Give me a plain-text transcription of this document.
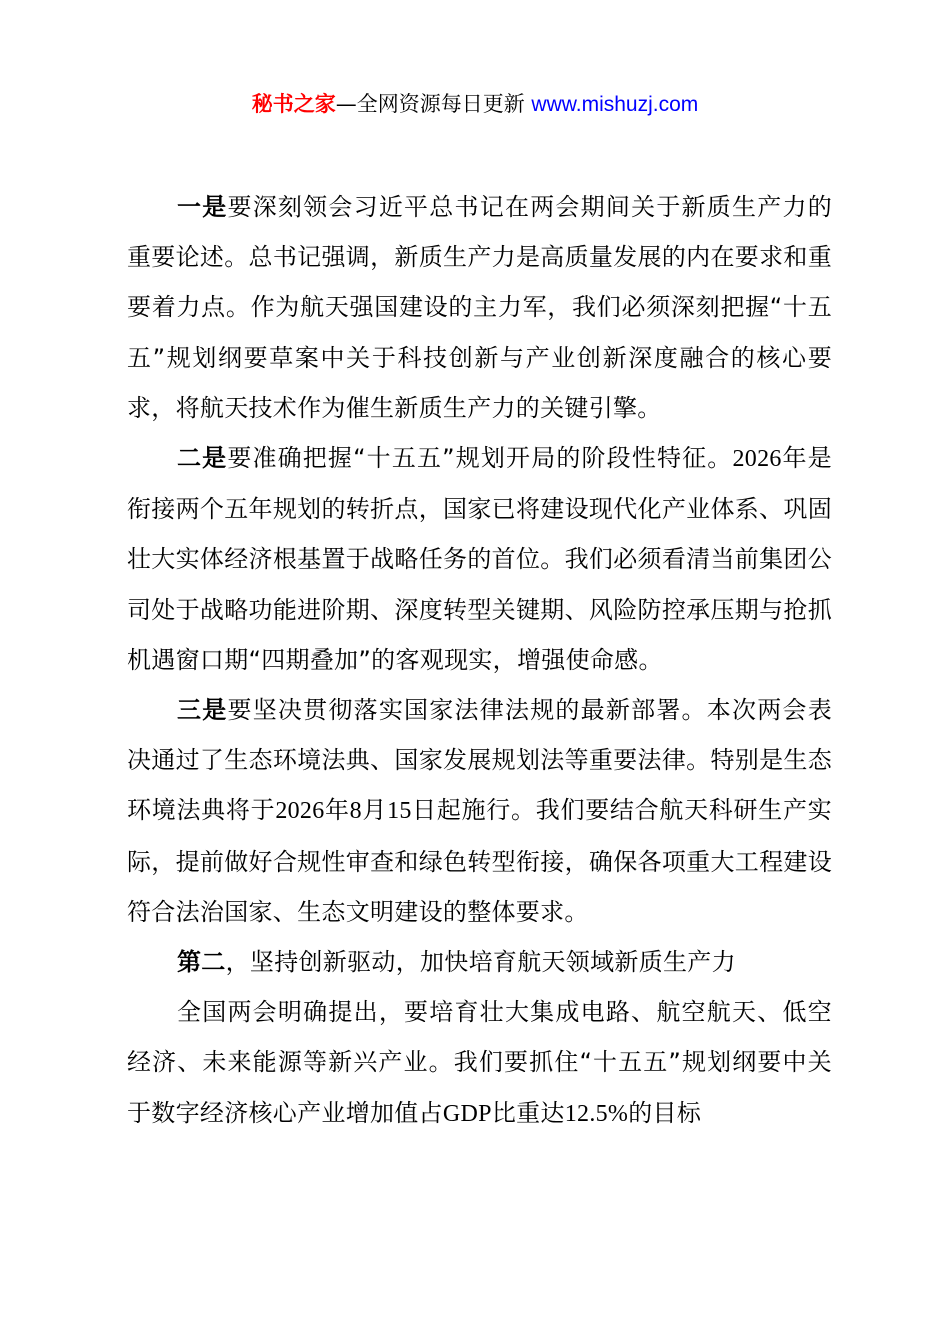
秘书之家—全网资源每日更新 www.mishuzj.com

一是要深刻领会习近平总书记在两会期间关于新质生产力的重要论述。总书记强调，新质生产力是高质量发展的内在要求和重要着力点。作为航天强国建设的主力军，我们必须深刻把握“十五五”规划纲要草案中关于科技创新与产业创新深度融合的核心要求，将航天技术作为催生新质生产力的关键引擎。

二是要准确把握“十五五”规划开局的阶段性特征。2026年是衔接两个五年规划的转折点，国家已将建设现代化产业体系、巩固壮大实体经济根基置于战略任务的首位。我们必须看清当前集团公司处于战略功能进阶期、深度转型关键期、风险防控承压期与抢抓机遇窗口期“四期叠加”的客观现实，增强使命感。

三是要坚决贯彻落实国家法律法规的最新部署。本次两会表决通过了生态环境法典、国家发展规划法等重要法律。特别是生态环境法典将于2026年8月15日起施行。我们要结合航天科研生产实际，提前做好合规性审查和绿色转型衔接，确保各项重大工程建设符合法治国家、生态文明建设的整体要求。

第二，坚持创新驱动，加快培育航天领域新质生产力

全国两会明确提出，要培育壮大集成电路、航空航天、低空经济、未来能源等新兴产业。我们要抓住“十五五”规划纲要中关于数字经济核心产业增加值占GDP比重达12.5%的目标
